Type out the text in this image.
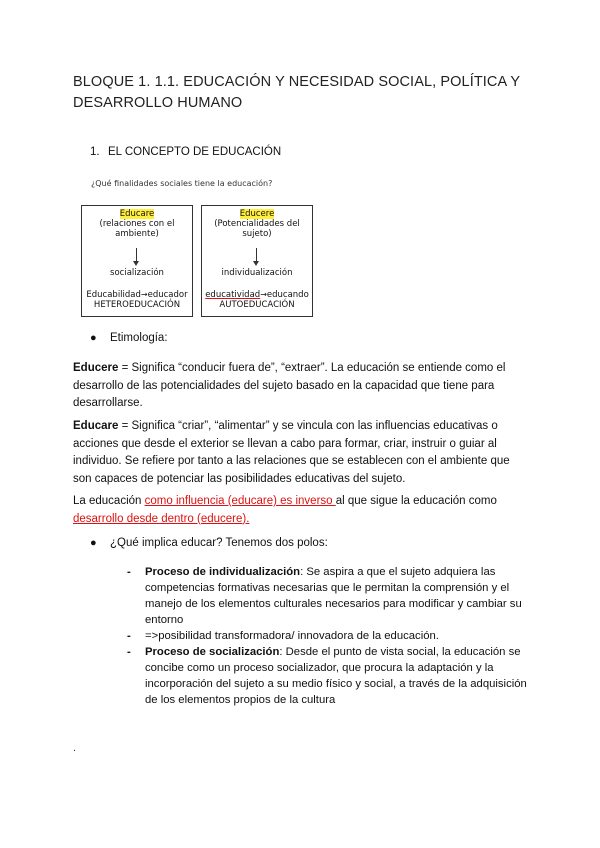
BLOQUE 1. 1.1. EDUCACIÓN Y NECESIDAD SOCIAL, POLÍTICA Y DESARROLLO HUMANO
1. EL CONCEPTO DE EDUCACIÓN
¿Qué finalidades sociales tiene la educación?
Educare
(relaciones con el
ambiente)
socialización
Educabilidad→educador
HETEROEDUCACIÓN
Educere
(Potencialidades del
sujeto)
individualización
educatividad→educando
AUTOEDUCACIÓN
● Etimología:
Educere = Significa “conducir fuera de”, “extraer”. La educación se entiende como el desarrollo de las potencialidades del sujeto basado en la capacidad que tiene para desarrollarse.
Educare = Significa “criar”, “alimentar” y se vincula con las influencias educativas o acciones que desde el exterior se llevan a cabo para formar, criar, instruir o guiar al individuo. Se refiere por tanto a las relaciones que se establecen con el ambiente que son capaces de potenciar las posibilidades educativas del sujeto.
La educación como influencia (educare) es inverso al que sigue la educación como desarrollo desde dentro (educere).
● ¿Qué implica educar? Tenemos dos polos:
- Proceso de individualización: Se aspira a que el sujeto adquiera las competencias formativas necesarias que le permitan la comprensión y el manejo de los elementos culturales necesarios para modificar y cambiar su entorno
- =>posibilidad transformadora/ innovadora de la educación.
- Proceso de socialización: Desde el punto de vista social, la educación se concibe como un proceso socializador, que procura la adaptación y la incorporación del sujeto a su medio físico y social, a través de la adquisición de los elementos propios de la cultura
.
